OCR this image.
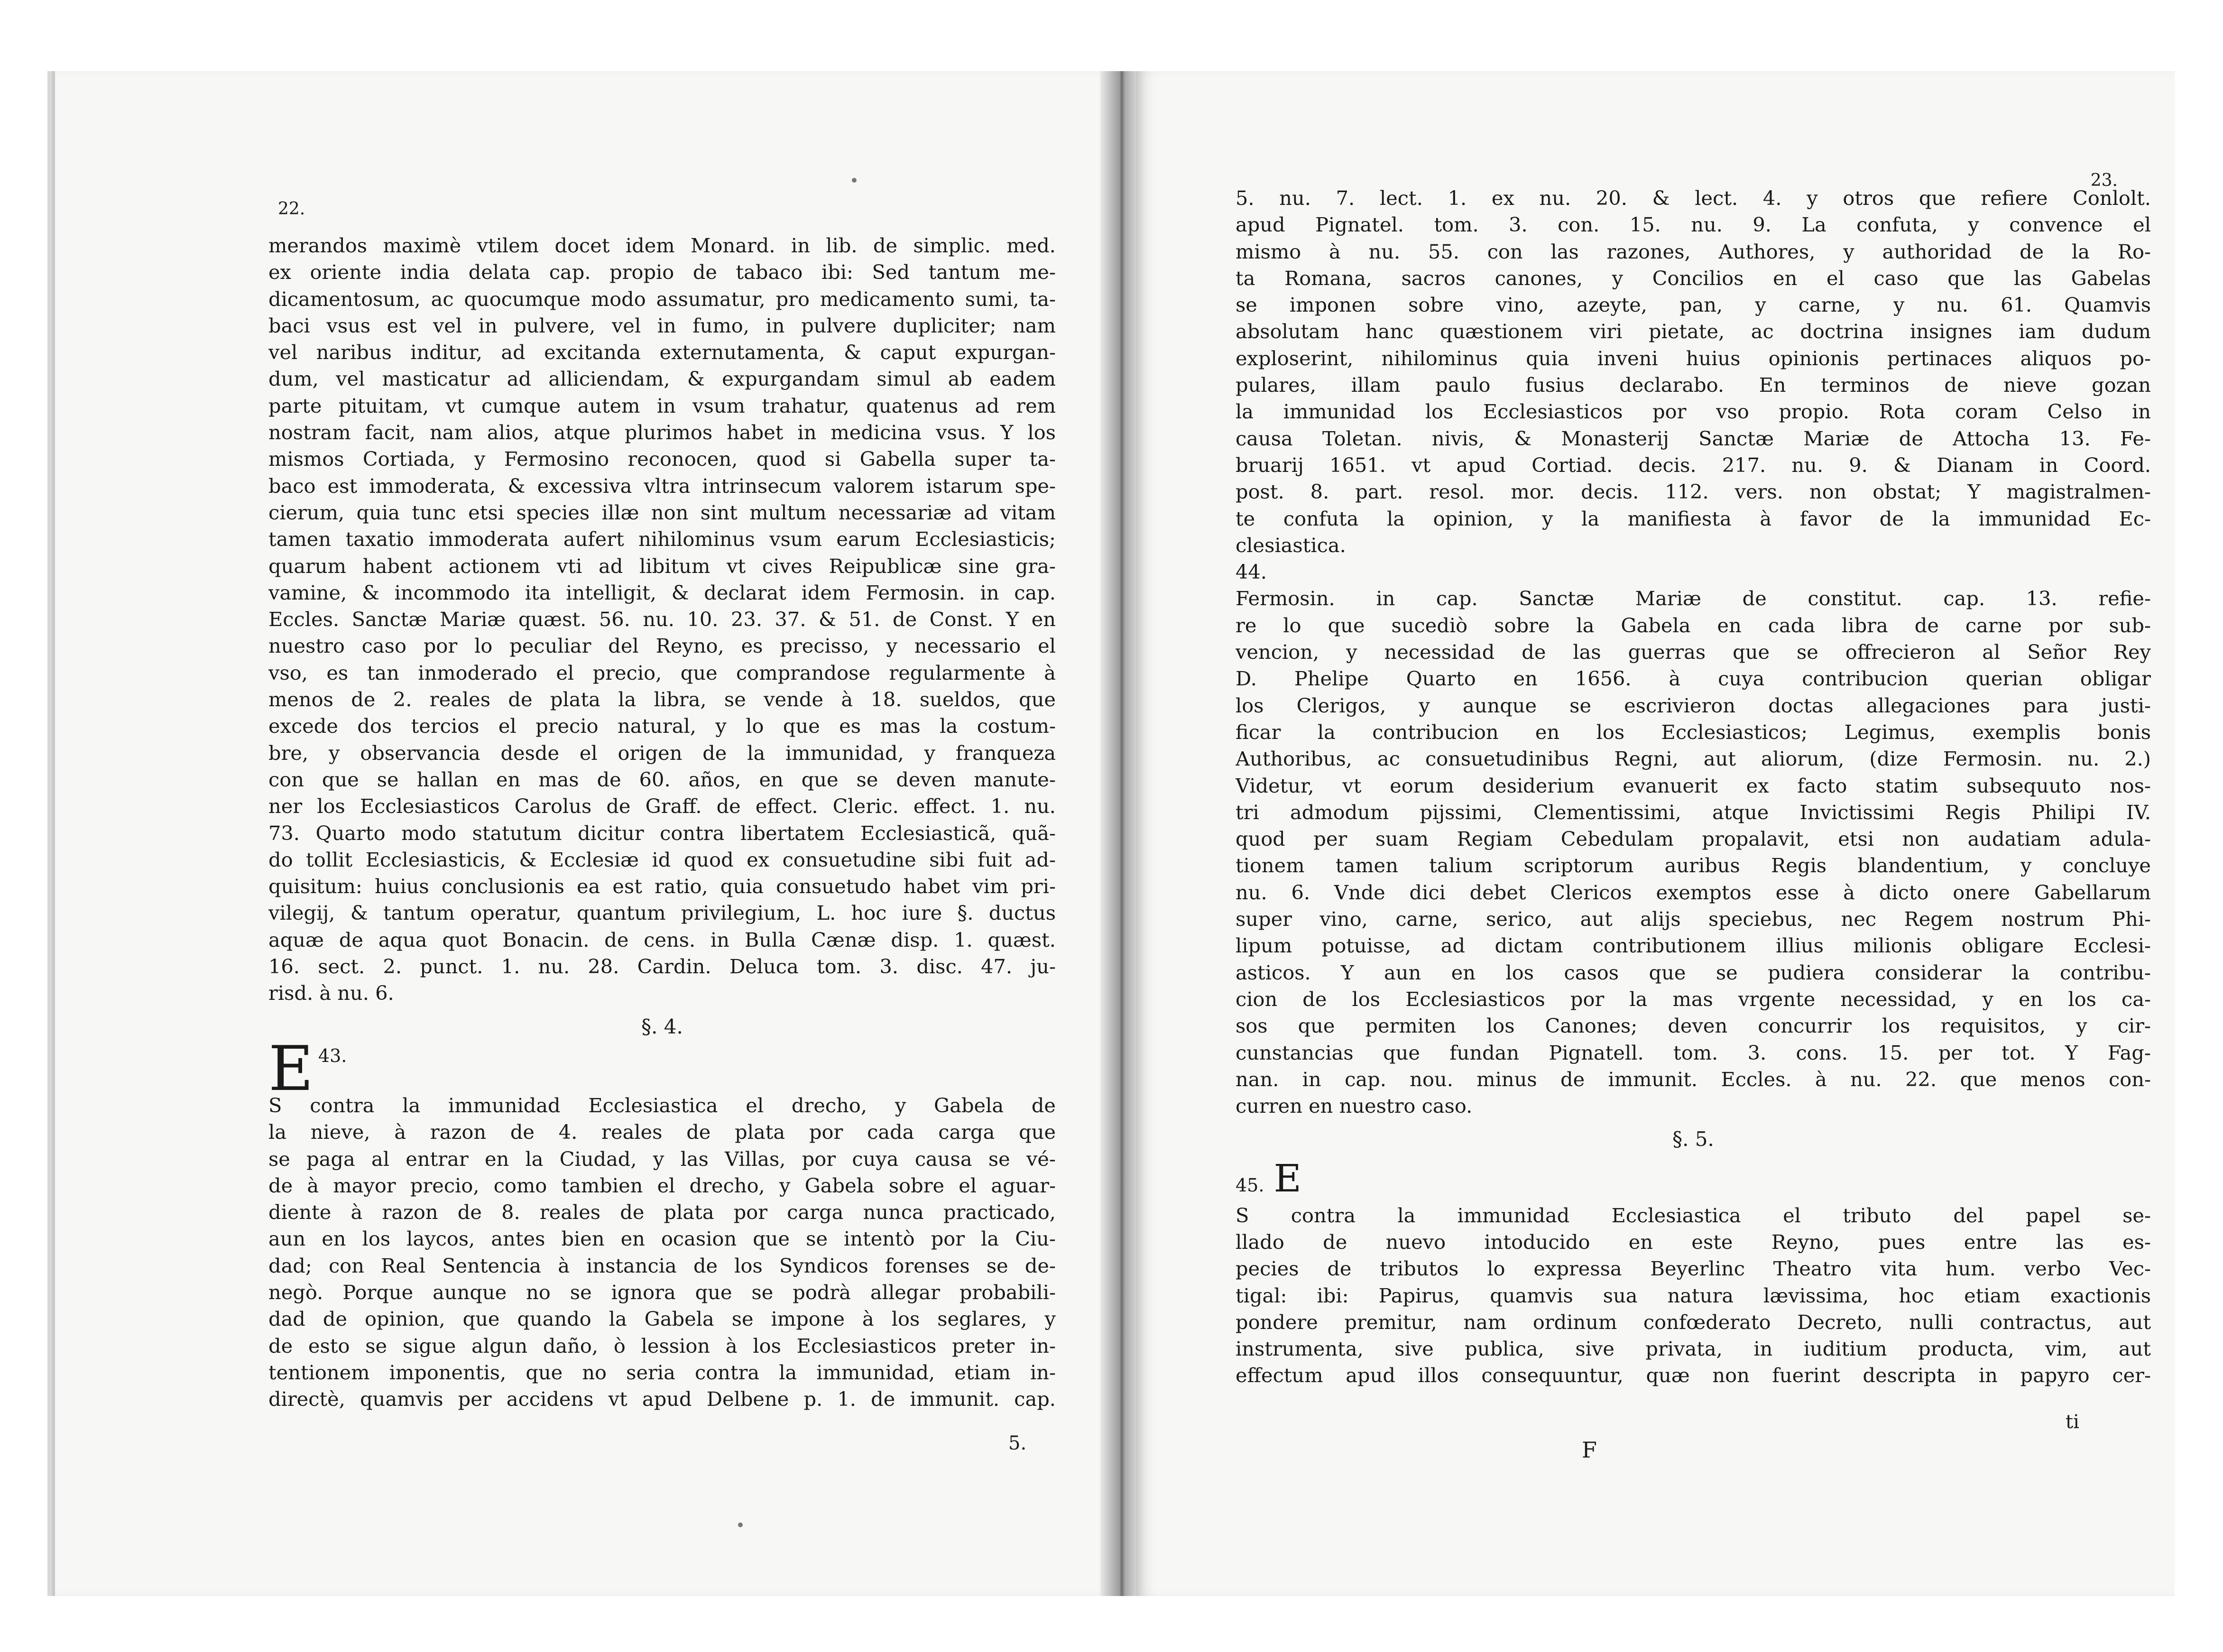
22.
merandos maximè vtilem docet idem Monard. in lib. de simplic. med.
ex oriente india delata cap. propio de tabaco ibi: Sed tantum me-
dicamentosum, ac quocumque modo assumatur, pro medicamento sumi, ta-
baci vsus est vel in pulvere, vel in fumo, in pulvere dupliciter; nam
vel naribus inditur, ad excitanda externutamenta, & caput expurgan-
dum, vel masticatur ad alliciendam, & expurgandam simul ab eadem
parte pituitam, vt cumque autem in vsum trahatur, quatenus ad rem
nostram facit, nam alios, atque plurimos habet in medicina vsus. Y los
mismos Cortiada, y Fermosino reconocen, quod si Gabella super ta-
baco est immoderata, & excessiva vltra intrinsecum valorem istarum spe-
cierum, quia tunc etsi species illæ non sint multum necessariæ ad vitam
tamen taxatio immoderata aufert nihilominus vsum earum Ecclesiasticis;
quarum habent actionem vti ad libitum vt cives Reipublicæ sine gra-
vamine, & incommodo ita intelligit, & declarat idem Fermosin. in cap.
Eccles. Sanctæ Mariæ quæst. 56. nu. 10. 23. 37. & 51. de Const. Y en
nuestro caso por lo peculiar del Reyno, es precisso, y necessario el
vso, es tan inmoderado el precio, que comprandose regularmente à
menos de 2. reales de plata la libra, se vende à 18. sueldos, que
excede dos tercios el precio natural, y lo que es mas la costum-
bre, y observancia desde el origen de la immunidad, y franqueza
con que se hallan en mas de 60. años, en que se deven manute-
ner los Ecclesiasticos Carolus de Graff. de effect. Cleric. effect. 1. nu.
73. Quarto modo statutum dicitur contra libertatem Ecclesiasticã, quã-
do tollit Ecclesiasticis, & Ecclesiæ id quod ex consuetudine sibi fuit ad-
quisitum: huius conclusionis ea est ratio, quia consuetudo habet vim pri-
vilegij, & tantum operatur, quantum privilegium, L. hoc iure §. ductus
aquæ de aqua quot Bonacin. de cens. in Bulla Cænæ disp. 1. quæst.
16. sect. 2. punct. 1. nu. 28. Cardin. Deluca tom. 3. disc. 47. ju-
risd. à nu. 6.
§. 4.
43.
E
S contra la immunidad Ecclesiastica el drecho, y Gabela de
la nieve, à razon de 4. reales de plata por cada carga que
se paga al entrar en la Ciudad, y las Villas, por cuya causa se vé-
de à mayor precio, como tambien el drecho, y Gabela sobre el aguar-
diente à razon de 8. reales de plata por carga nunca practicado,
aun en los laycos, antes bien en ocasion que se intentò por la Ciu-
dad; con Real Sentencia à instancia de los Syndicos forenses se de-
negò. Porque aunque no se ignora que se podrà allegar probabili-
dad de opinion, que quando la Gabela se impone à los seglares, y
de esto se sigue algun daño, ò lession à los Ecclesiasticos preter in-
tentionem imponentis, que no seria contra la immunidad, etiam in-
directè, quamvis per accidens vt apud Delbene p. 1. de immunit. cap.
5.
23.
5. nu. 7. lect. 1. ex nu. 20. & lect. 4. y otros que refiere Conlolt.
apud Pignatel. tom. 3. con. 15. nu. 9. La confuta, y convence el
mismo à nu. 55. con las razones, Authores, y authoridad de la Ro-
ta Romana, sacros canones, y Concilios en el caso que las Gabelas
se imponen sobre vino, azeyte, pan, y carne, y nu. 61. Quamvis
absolutam hanc quæstionem viri pietate, ac doctrina insignes iam dudum
exploserint, nihilominus quia inveni huius opinionis pertinaces aliquos po-
pulares, illam paulo fusius declarabo. En terminos de nieve gozan
la immunidad los Ecclesiasticos por vso propio. Rota coram Celso in
causa Toletan. nivis, & Monasterij Sanctæ Mariæ de Attocha 13. Fe-
bruarij 1651. vt apud Cortiad. decis. 217. nu. 9. & Dianam in Coord.
post. 8. part. resol. mor. decis. 112. vers. non obstat; Y magistralmen-
te confuta la opinion, y la manifiesta à favor de la immunidad Ec-
clesiastica.
44.
Fermosin. in cap. Sanctæ Mariæ de constitut. cap. 13. refie-
re lo que sucediò sobre la Gabela en cada libra de carne por sub-
vencion, y necessidad de las guerras que se offrecieron al Señor Rey
D. Phelipe Quarto en 1656. à cuya contribucion querian obligar
los Clerigos, y aunque se escrivieron doctas allegaciones para justi-
ficar la contribucion en los Ecclesiasticos; Legimus, exemplis bonis
Authoribus, ac consuetudinibus Regni, aut aliorum, (dize Fermosin. nu. 2.)
Videtur, vt eorum desiderium evanuerit ex facto statim subsequuto nos-
tri admodum pijssimi, Clementissimi, atque Invictissimi Regis Philipi IV.
quod per suam Regiam Cebedulam propalavit, etsi non audatiam adula-
tionem tamen talium scriptorum auribus Regis blandentium, y concluye
nu. 6. Vnde dici debet Clericos exemptos esse à dicto onere Gabellarum
super vino, carne, serico, aut alijs speciebus, nec Regem nostrum Phi-
lipum potuisse, ad dictam contributionem illius milionis obligare Ecclesi-
asticos. Y aun en los casos que se pudiera considerar la contribu-
cion de los Ecclesiasticos por la mas vrgente necessidad, y en los ca-
sos que permiten los Canones; deven concurrir los requisitos, y cir-
cunstancias que fundan Pignatell. tom. 3. cons. 15. per tot. Y Fag-
nan. in cap. nou. minus de immunit. Eccles. à nu. 22. que menos con-
curren en nuestro caso.
§. 5.
45. E
S contra la immunidad Ecclesiastica el tributo del papel se-
llado de nuevo intoducido en este Reyno, pues entre las es-
pecies de tributos lo expressa Beyerlinc Theatro vita hum. verbo Vec-
tigal: ibi: Papirus, quamvis sua natura lævissima, hoc etiam exactionis
pondere premitur, nam ordinum confœderato Decreto, nulli contractus, aut
instrumenta, sive publica, sive privata, in iuditium producta, vim, aut
effectum apud illos consequuntur, quæ non fuerint descripta in papyro cer-
ti
F
